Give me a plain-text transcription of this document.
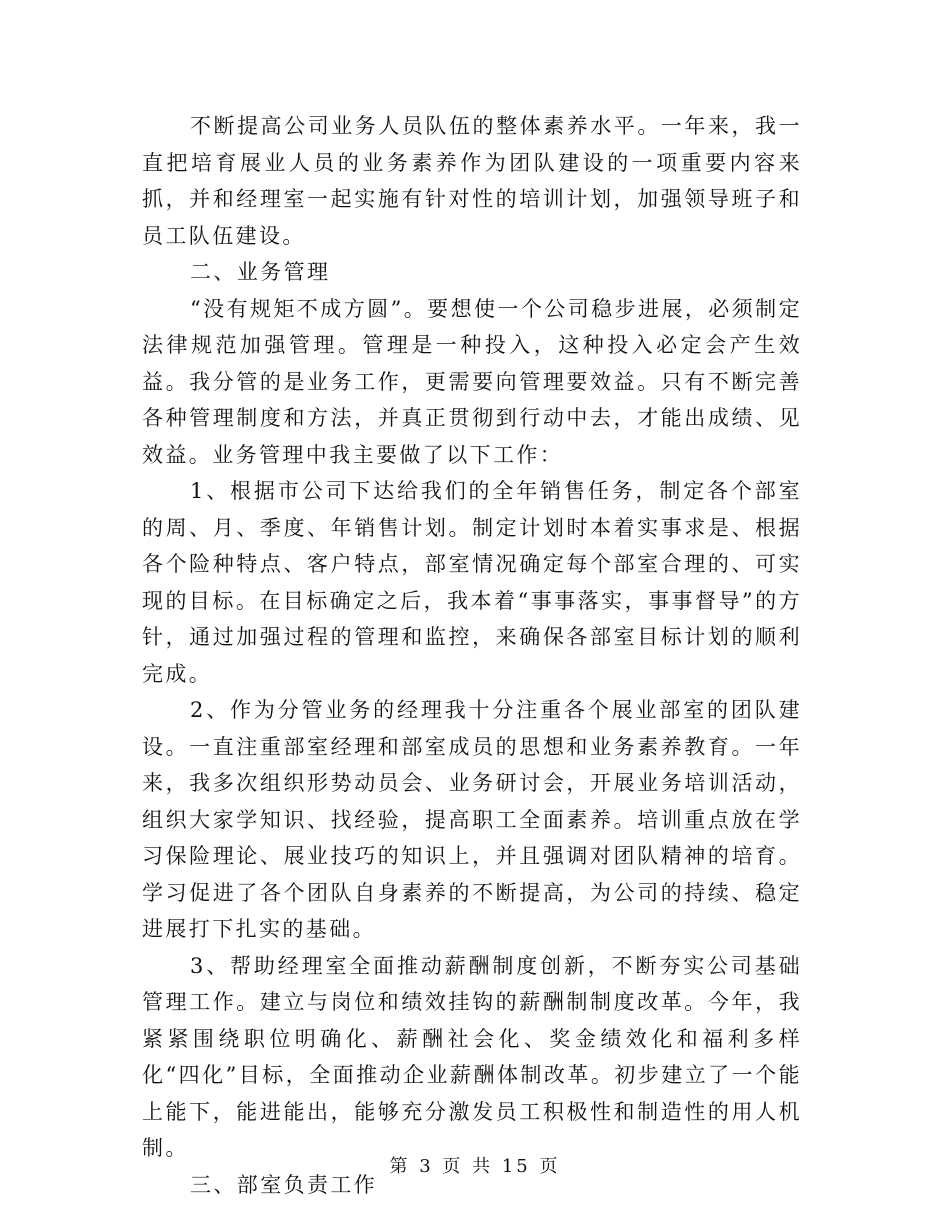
不断提高公司业务人员队伍的整体素养水平。一年来，我一直把培育展业人员的业务素养作为团队建设的一项重要内容来抓，并和经理室一起实施有针对性的培训计划，加强领导班子和员工队伍建设。

二、业务管理

“没有规矩不成方圆”。要想使一个公司稳步进展，必须制定法律规范加强管理。管理是一种投入，这种投入必定会产生效益。我分管的是业务工作，更需要向管理要效益。只有不断完善各种管理制度和方法，并真正贯彻到行动中去，才能出成绩、见效益。业务管理中我主要做了以下工作：

1、根据市公司下达给我们的全年销售任务，制定各个部室的周、月、季度、年销售计划。制定计划时本着实事求是、根据各个险种特点、客户特点，部室情况确定每个部室合理的、可实现的目标。在目标确定之后，我本着“事事落实，事事督导”的方针，通过加强过程的管理和监控，来确保各部室目标计划的顺利完成。

2、作为分管业务的经理我十分注重各个展业部室的团队建设。一直注重部室经理和部室成员的思想和业务素养教育。一年来，我多次组织形势动员会、业务研讨会，开展业务培训活动，组织大家学知识、找经验，提高职工全面素养。培训重点放在学习保险理论、展业技巧的知识上，并且强调对团队精神的培育。学习促进了各个团队自身素养的不断提高，为公司的持续、稳定进展打下扎实的基础。

3、帮助经理室全面推动薪酬制度创新，不断夯实公司基础管理工作。建立与岗位和绩效挂钩的薪酬制制度改革。今年，我紧紧围绕职位明确化、薪酬社会化、奖金绩效化和福利多样化“四化”目标，全面推动企业薪酬体制改革。初步建立了一个能上能下，能进能出，能够充分激发员工积极性和制造性的用人机制。

三、部室负责工作

第 3 页 共 15 页
